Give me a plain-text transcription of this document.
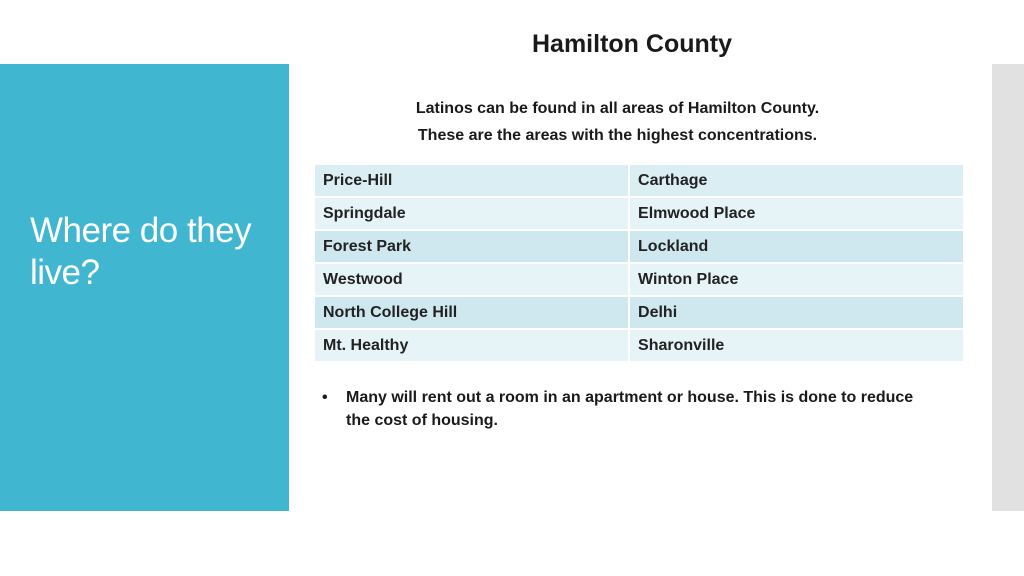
Where do they live?
Hamilton County
Latinos can be found in all areas of Hamilton County.
These are the areas with the highest concentrations.
Price-Hill	Carthage
Springdale	Elmwood Place
Forest Park	Lockland
Westwood	Winton Place
North College Hill	Delhi
Mt. Healthy	Sharonville
•	Many will rent out a room in an apartment or house. This is done to reduce the cost of housing.
